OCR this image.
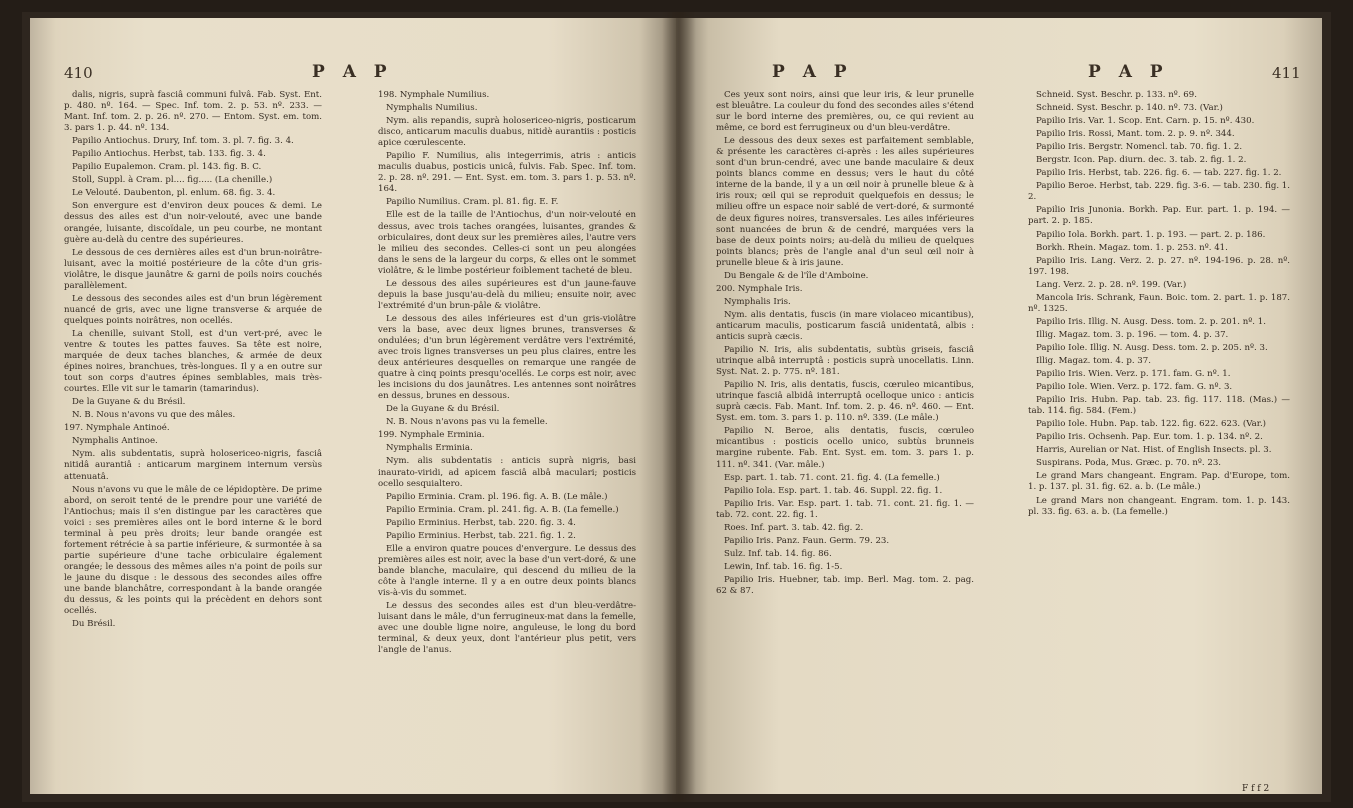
410	P A P

dalis, nigris, suprà fasciâ communi fulvâ. Fab. Syst. Ent. p. 480. nº. 164. — Spec. Inf. tom. 2. p. 53. nº. 233. — Mant. Inf. tom. 2. p. 26. nº. 270. — Entom. Syst. em. tom. 3. pars 1. p. 44. nº. 134.

Papilio Antiochus. Drury, Inf. tom. 3. pl. 7. fig. 3. 4.

Papilio Antiochus. Herbst, tab. 133. fig. 3. 4.

Papilio Eupalemon. Cram. pl. 143. fig. B. C.

Stoll, Suppl. à Cram. pl.... fig..... (La chenille.)

Le Velouté. Daubenton, pl. enlum. 68. fig. 3. 4.

Son envergure est d'environ deux pouces & demi. Le dessus des ailes est d'un noir-velouté, avec une bande orangée, luisante, discoïdale, un peu courbe, ne montant guère au-delà du centre des supérieures.

Le dessous de ces dernières ailes est d'un brun-noirâtre-luisant, avec la moitié postérieure de la côte d'un gris-violâtre, le disque jaunâtre & garni de poils noirs couchés parallèlement.

Le dessous des secondes ailes est d'un brun légèrement nuancé de gris, avec une ligne transverse & arquée de quelques points noirâtres, non ocellés.

La chenille, suivant Stoll, est d'un vert-pré, avec le ventre & toutes les pattes fauves. Sa tête est noire, marquée de deux taches blanches, & armée de deux épines noires, branchues, très-longues. Il y a en outre sur tout son corps d'autres épines semblables, mais très-courtes. Elle vit sur le tamarin (tamarindus).

De la Guyane & du Brésil.

N. B. Nous n'avons vu que des mâles.

197. Nymphale Antinoé.

Nymphalis Antinoe.

Nym. alis subdentatis, suprà holosericeo-nigris, fasciâ nitidâ aurantiâ : anticarum marginem internum versùs attenuatâ.

Nous n'avons vu que le mâle de ce lépidoptère. De prime abord, on seroit tenté de le prendre pour une variété de l'Antiochus; mais il s'en distingue par les caractères que voici : ses premières ailes ont le bord interne & le bord terminal à peu près droits; leur bande orangée est fortement rétrécie à sa partie inférieure, & surmontée à sa partie supérieure d'une tache orbiculaire également orangée; le dessous des mêmes ailes n'a point de poils sur le jaune du disque : le dessous des secondes ailes offre une bande blanchâtre, correspondant à la bande orangée du dessus, & les points qui la précèdent en dehors sont ocellés.

Du Brésil.

198. Nymphale Numilius.

Nymphalis Numilius.

Nym. alis repandis, suprà holosericeo-nigris, posticarum disco, anticarum maculis duabus, nitidè aurantiis : posticis apice cœrulescente.

Papilio F. Numilius, alis integerrimis, atris : anticis maculis duabus, posticis unicâ, fulvis. Fab. Spec. Inf. tom. 2. p. 28. nº. 291. — Ent. Syst. em. tom. 3. pars 1. p. 53. nº. 164.

Papilio Numilius. Cram. pl. 81. fig. E. F.

Elle est de la taille de l'Antiochus, d'un noir-velouté en dessus, avec trois taches orangées, luisantes, grandes & orbiculaires, dont deux sur les premières ailes, l'autre vers le milieu des secondes. Celles-ci sont un peu alongées dans le sens de la largeur du corps, & elles ont le sommet violâtre, & le limbe postérieur foiblement tacheté de bleu.

Le dessous des ailes supérieures est d'un jaune-fauve depuis la base jusqu'au-delà du milieu; ensuite noir, avec l'extrémité d'un brun-pâle & violâtre.

Le dessous des ailes inférieures est d'un gris-violâtre vers la base, avec deux lignes brunes, transverses & ondulées; d'un brun légèrement verdâtre vers l'extrémité, avec trois lignes transverses un peu plus claires, entre les deux antérieures desquelles on remarque une rangée de quatre à cinq points presqu'ocellés. Le corps est noir, avec les incisions du dos jaunâtres. Les antennes sont noirâtres en dessus, brunes en dessous.

De la Guyane & du Brésil.

N. B. Nous n'avons pas vu la femelle.

199. Nymphale Erminia.

Nymphalis Erminia.

Nym. alis subdentatis : anticis suprà nigris, basi inaurato-viridi, ad apicem fasciâ albâ maculari; posticis ocello sesquialtero.

Papilio Erminia. Cram. pl. 196. fig. A. B. (Le mâle.)

Papilio Erminia. Cram. pl. 241. fig. A. B. (La femelle.)

Papilio Erminius. Herbst, tab. 220. fig. 3. 4.

Papilio Erminius. Herbst, tab. 221. fig. 1. 2.

Elle a environ quatre pouces d'envergure. Le dessus des premières ailes est noir, avec la base d'un vert-doré, & une bande blanche, maculaire, qui descend du milieu de la côte à l'angle interne. Il y a en outre deux points blancs vis-à-vis du sommet.

Le dessus des secondes ailes est d'un bleu-verdâtre-luisant dans le mâle, d'un ferrugineux-mat dans la femelle, avec une double ligne noire, anguleuse, le long du bord terminal, & deux yeux, dont l'antérieur plus petit, vers l'angle de l'anus.

P A P	P A P	411

Ces yeux sont noirs, ainsi que leur iris, & leur prunelle est bleuâtre. La couleur du fond des secondes ailes s'étend sur le bord interne des premières, ou, ce qui revient au même, ce bord est ferrugineux ou d'un bleu-verdâtre.

Le dessous des deux sexes est parfaitement semblable, & présente les caractères ci-après : les ailes supérieures sont d'un brun-cendré, avec une bande maculaire & deux points blancs comme en dessus; vers le haut du côté interne de la bande, il y a un œil noir à prunelle bleue & à iris roux; œil qui se reproduit quelquefois en dessus; le milieu offre un espace noir sablé de vert-doré, & surmonté de deux figures noires, transversales. Les ailes inférieures sont nuancées de brun & de cendré, marquées vers la base de deux points noirs; au-delà du milieu de quelques points blancs; près de l'angle anal d'un seul œil noir à prunelle bleue & à iris jaune.

Du Bengale & de l'île d'Amboine.

200. Nymphale Iris.

Nymphalis Iris.

Nym. alis dentatis, fuscis (in mare violaceo micantibus), anticarum maculis, posticarum fasciâ unidentatâ, albis : anticis suprà cæcis.

Papilio N. Iris, alis subdentatis, subtùs griseis, fasciâ utrinque albâ interruptâ : posticis suprà unocellatis. Linn. Syst. Nat. 2. p. 775. nº. 181.

Papilio N. Iris, alis dentatis, fuscis, cœruleo micantibus, utrinque fasciâ albidâ interruptâ ocelloque unico : anticis suprà cæcis. Fab. Mant. Inf. tom. 2. p. 46. nº. 460. — Ent. Syst. em. tom. 3. pars 1. p. 110. nº. 339. (Le mâle.)

Papilio N. Beroe, alis dentatis, fuscis, cœruleo micantibus : posticis ocello unico, subtùs brunneis margine rubente. Fab. Ent. Syst. em. tom. 3. pars 1. p. 111. nº. 341. (Var. mâle.)

Esp. part. 1. tab. 71. cont. 21. fig. 4. (La femelle.)

Papilio Iola. Esp. part. 1. tab. 46. Suppl. 22. fig. 1.

Papilio Iris. Var. Esp. part. 1. tab. 71. cont. 21. fig. 1. — tab. 72. cont. 22. fig. 1.

Roes. Inf. part. 3. tab. 42. fig. 2.

Papilio Iris. Panz. Faun. Germ. 79. 23.

Sulz. Inf. tab. 14. fig. 86.

Lewin, Inf. tab. 16. fig. 1-5.

Papilio Iris. Huebner, tab. imp. Berl. Mag. tom. 2. pag. 62 & 87.

Schneid. Syst. Beschr. p. 133. nº. 69.

Schneid. Syst. Beschr. p. 140. nº. 73. (Var.)

Papilio Iris. Var. 1. Scop. Ent. Carn. p. 15. nº. 430.

Papilio Iris. Rossi, Mant. tom. 2. p. 9. nº. 344.

Papilio Iris. Bergstr. Nomencl. tab. 70. fig. 1. 2.

Bergstr. Icon. Pap. diurn. dec. 3. tab. 2. fig. 1. 2.

Papilio Iris. Herbst, tab. 226. fig. 6. — tab. 227. fig. 1. 2.

Papilio Beroe. Herbst, tab. 229. fig. 3-6. — tab. 230. fig. 1. 2.

Papilio Iris Junonia. Borkh. Pap. Eur. part. 1. p. 194. — part. 2. p. 185.

Papilio Iola. Borkh. part. 1. p. 193. — part. 2. p. 186.

Borkh. Rhein. Magaz. tom. 1. p. 253. nº. 41.

Papilio Iris. Lang. Verz. 2. p. 27. nº. 194-196. p. 28. nº. 197. 198.

Lang. Verz. 2. p. 28. nº. 199. (Var.)

Mancola Iris. Schrank, Faun. Boic. tom. 2. part. 1. p. 187. nº. 1325.

Papilio Iris. Illig. N. Ausg. Dess. tom. 2. p. 201. nº. 1.

Illig. Magaz. tom. 3. p. 196. — tom. 4. p. 37.

Papilio Iole. Illig. N. Ausg. Dess. tom. 2. p. 205. nº. 3.

Illig. Magaz. tom. 4. p. 37.

Papilio Iris. Wien. Verz. p. 171. fam. G. nº. 1.

Papilio Iole. Wien. Verz. p. 172. fam. G. nº. 3.

Papilio Iris. Hubn. Pap. tab. 23. fig. 117. 118. (Mas.) — tab. 114. fig. 584. (Fem.)

Papilio Iole. Hubn. Pap. tab. 122. fig. 622. 623. (Var.)

Papilio Iris. Ochsenh. Pap. Eur. tom. 1. p. 134. nº. 2.

Harris, Aurelian or Nat. Hist. of English Insects. pl. 3.

Suspirans. Poda, Mus. Græc. p. 70. nº. 23.

Le grand Mars changeant. Engram. Pap. d'Europe, tom. 1. p. 137. pl. 31. fig. 62. a. b. (Le mâle.)

Le grand Mars non changeant. Engram. tom. 1. p. 143. pl. 33. fig. 63. a. b. (La femelle.)

F f f 2
